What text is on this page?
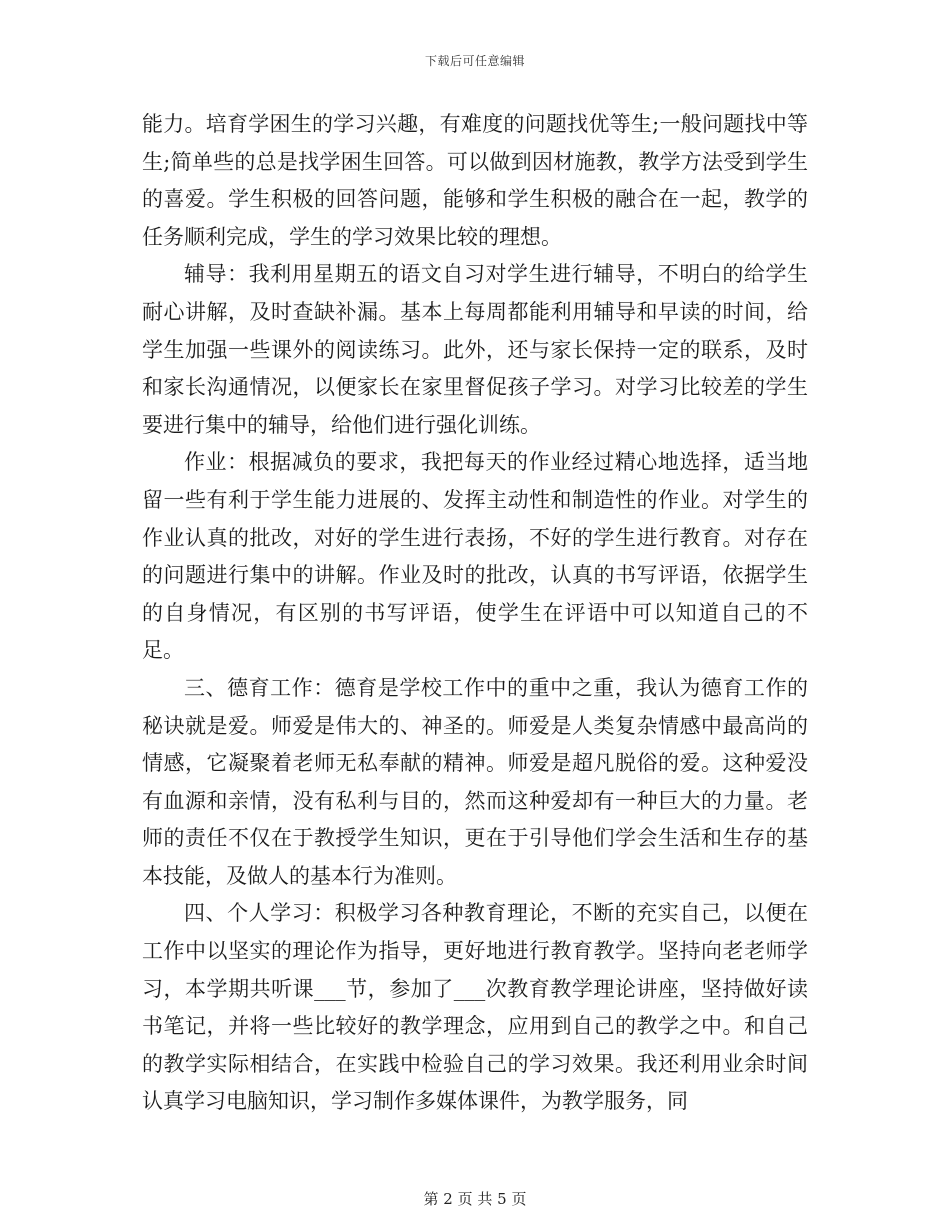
下载后可任意编辑

能力。培育学困生的学习兴趣，有难度的问题找优等生;一般问题找中等生;简单些的总是找学困生回答。可以做到因材施教，教学方法受到学生的喜爱。学生积极的回答问题，能够和学生积极的融合在一起，教学的任务顺利完成，学生的学习效果比较的理想。

辅导：我利用星期五的语文自习对学生进行辅导，不明白的给学生耐心讲解，及时查缺补漏。基本上每周都能利用辅导和早读的时间，给学生加强一些课外的阅读练习。此外，还与家长保持一定的联系，及时和家长沟通情况，以便家长在家里督促孩子学习。对学习比较差的学生要进行集中的辅导，给他们进行强化训练。

作业：根据减负的要求，我把每天的作业经过精心地选择，适当地留一些有利于学生能力进展的、发挥主动性和制造性的作业。对学生的作业认真的批改，对好的学生进行表扬，不好的学生进行教育。对存在的问题进行集中的讲解。作业及时的批改，认真的书写评语，依据学生的自身情况，有区别的书写评语，使学生在评语中可以知道自己的不足。

三、德育工作：德育是学校工作中的重中之重，我认为德育工作的秘诀就是爱。师爱是伟大的、神圣的。师爱是人类复杂情感中最高尚的情感，它凝聚着老师无私奉献的精神。师爱是超凡脱俗的爱。这种爱没有血源和亲情，没有私利与目的，然而这种爱却有一种巨大的力量。老师的责任不仅在于教授学生知识，更在于引导他们学会生活和生存的基本技能，及做人的基本行为准则。

四、个人学习：积极学习各种教育理论，不断的充实自己，以便在工作中以坚实的理论作为指导，更好地进行教育教学。坚持向老老师学习，本学期共听课___节，参加了___次教育教学理论讲座，坚持做好读书笔记，并将一些比较好的教学理念，应用到自己的教学之中。和自己的教学实际相结合，在实践中检验自己的学习效果。我还利用业余时间认真学习电脑知识，学习制作多媒体课件，为教学服务，同

第 2 页 共 5 页
